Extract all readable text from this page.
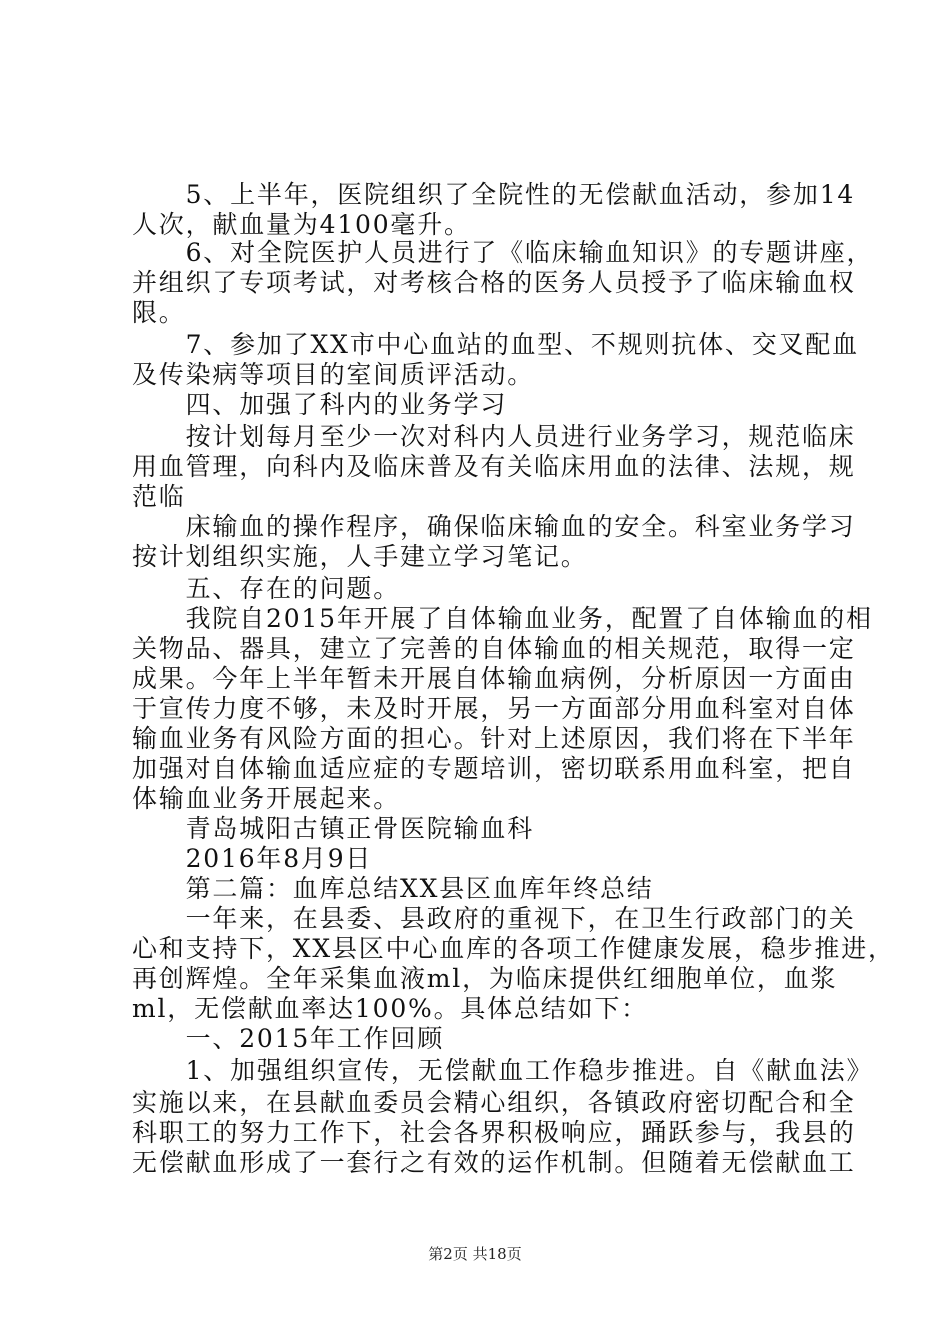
　　5、上半年，医院组织了全院性的无偿献血活动，参加14
人次，献血量为4100毫升。
　　6、对全院医护人员进行了《临床输血知识》的专题讲座，
并组织了专项考试，对考核合格的医务人员授予了临床输血权
限。
　　7、参加了XX市中心血站的血型、不规则抗体、交叉配血
及传染病等项目的室间质评活动。
　　四、加强了科内的业务学习
　　按计划每月至少一次对科内人员进行业务学习，规范临床
用血管理，向科内及临床普及有关临床用血的法律、法规，规
范临
　　床输血的操作程序，确保临床输血的安全。科室业务学习
按计划组织实施，人手建立学习笔记。
　　五、存在的问题。
　　我院自2015年开展了自体输血业务，配置了自体输血的相
关物品、器具，建立了完善的自体输血的相关规范，取得一定
成果。今年上半年暂未开展自体输血病例，分析原因一方面由
于宣传力度不够，未及时开展，另一方面部分用血科室对自体
输血业务有风险方面的担心。针对上述原因，我们将在下半年
加强对自体输血适应症的专题培训，密切联系用血科室，把自
体输血业务开展起来。
　　青岛城阳古镇正骨医院输血科
　　2016年8月9日
　　第二篇：血库总结XX县区血库年终总结
　　一年来，在县委、县政府的重视下，在卫生行政部门的关
心和支持下，XX县区中心血库的各项工作健康发展，稳步推进，
再创辉煌。全年采集血液ml，为临床提供红细胞单位，血浆
ml，无偿献血率达100%。具体总结如下：
　　一、2015年工作回顾
　　1、加强组织宣传，无偿献血工作稳步推进。自《献血法》
实施以来，在县献血委员会精心组织，各镇政府密切配合和全
科职工的努力工作下，社会各界积极响应，踊跃参与，我县的
无偿献血形成了一套行之有效的运作机制。但随着无偿献血工
第2页 共18页
